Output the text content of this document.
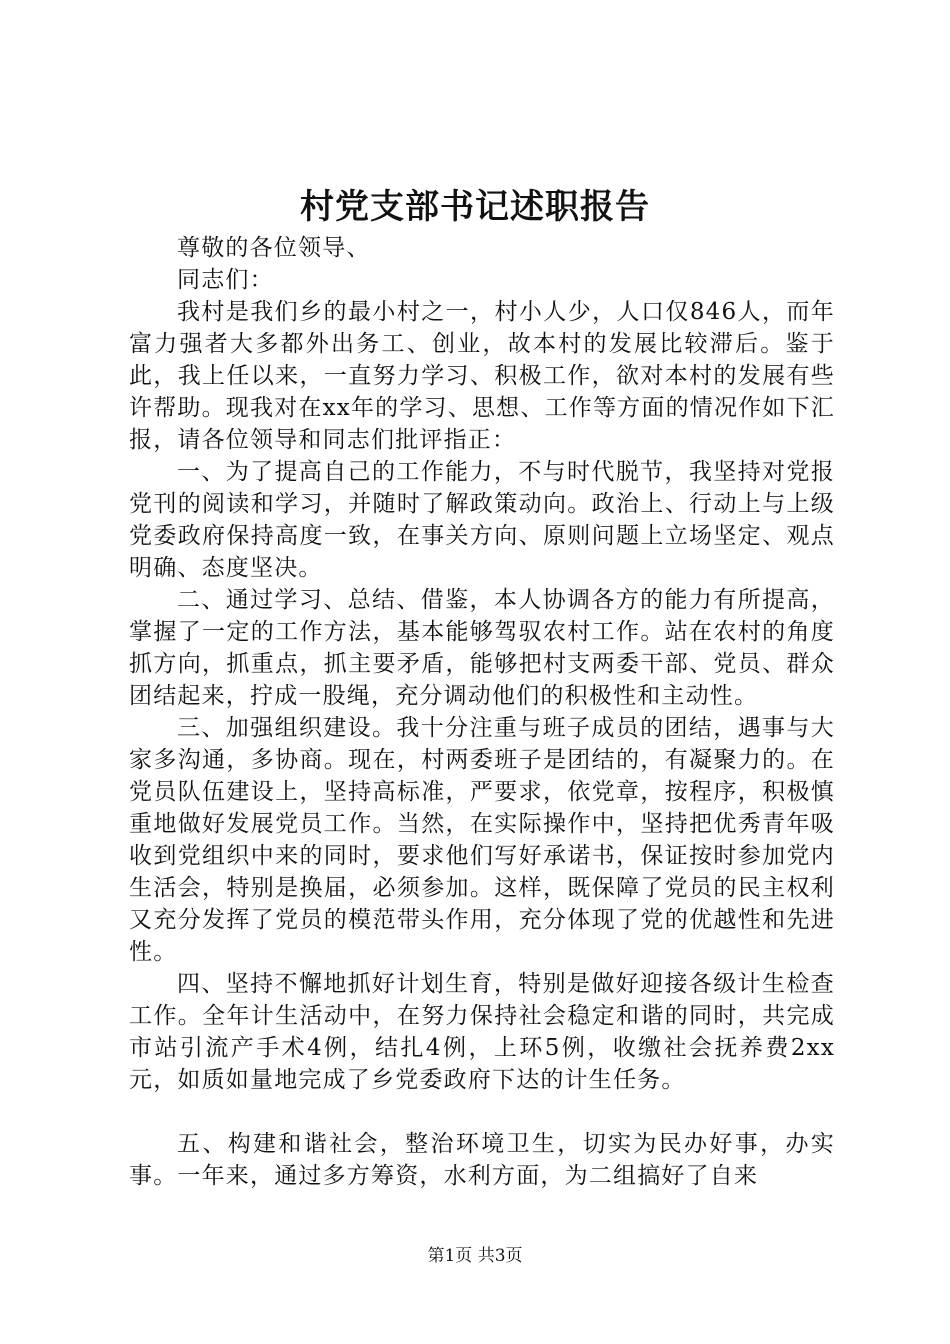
村党支部书记述职报告

尊敬的各位领导、

同志们：

我村是我们乡的最小村之一，村小人少，人口仅846人，而年富力强者大多都外出务工、创业，故本村的发展比较滞后。鉴于此，我上任以来，一直努力学习、积极工作，欲对本村的发展有些许帮助。现我对在xx年的学习、思想、工作等方面的情况作如下汇报，请各位领导和同志们批评指正：

一、为了提高自己的工作能力，不与时代脱节，我坚持对党报党刊的阅读和学习，并随时了解政策动向。政治上、行动上与上级党委政府保持高度一致，在事关方向、原则问题上立场坚定、观点明确、态度坚决。

二、通过学习、总结、借鉴，本人协调各方的能力有所提高，掌握了一定的工作方法，基本能够驾驭农村工作。站在农村的角度抓方向，抓重点，抓主要矛盾，能够把村支两委干部、党员、群众团结起来，拧成一股绳，充分调动他们的积极性和主动性。

三、加强组织建设。我十分注重与班子成员的团结，遇事与大家多沟通，多协商。现在，村两委班子是团结的，有凝聚力的。在党员队伍建设上，坚持高标准，严要求，依党章，按程序，积极慎重地做好发展党员工作。当然，在实际操作中，坚持把优秀青年吸收到党组织中来的同时，要求他们写好承诺书，保证按时参加党内生活会，特别是换届，必须参加。这样，既保障了党员的民主权利又充分发挥了党员的模范带头作用，充分体现了党的优越性和先进性。

四、坚持不懈地抓好计划生育，特别是做好迎接各级计生检查工作。全年计生活动中，在努力保持社会稳定和谐的同时，共完成市站引流产手术4例，结扎4例，上环5例，收缴社会抚养费2xx元，如质如量地完成了乡党委政府下达的计生任务。

五、构建和谐社会，整治环境卫生，切实为民办好事，办实事。一年来，通过多方筹资，水利方面，为二组搞好了自来

第1页 共3页
